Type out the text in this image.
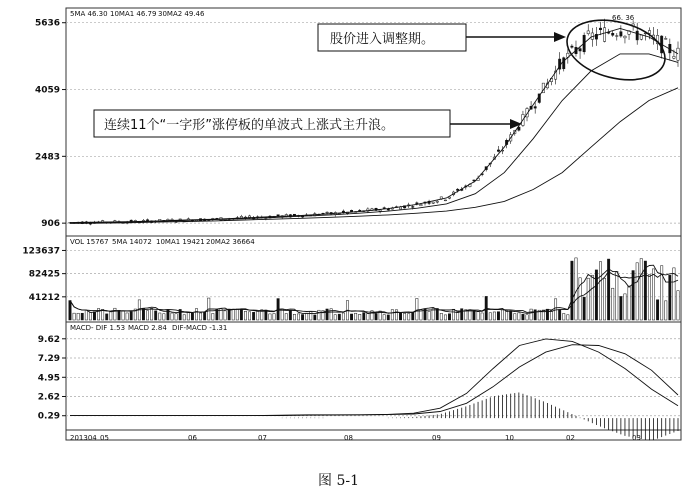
5MA 46.30 10MA1 46.79 30MA2 49.46
VOL 15767 5MA 14072 10MA1 19421 20MA2 36664
MACD- DIF 1.53 MACD 2.84 DIF-MACD -1.31
5636
4059
2483
906
123637
82425
41212
9.62
7.29
4.95
2.62
0.29
201304 05	06	07	08	09	10	02	03
66. 36
股价进入调整期。
连续11个“一字形”涨停板的单波式上涨式主升浪。
图 5-1
